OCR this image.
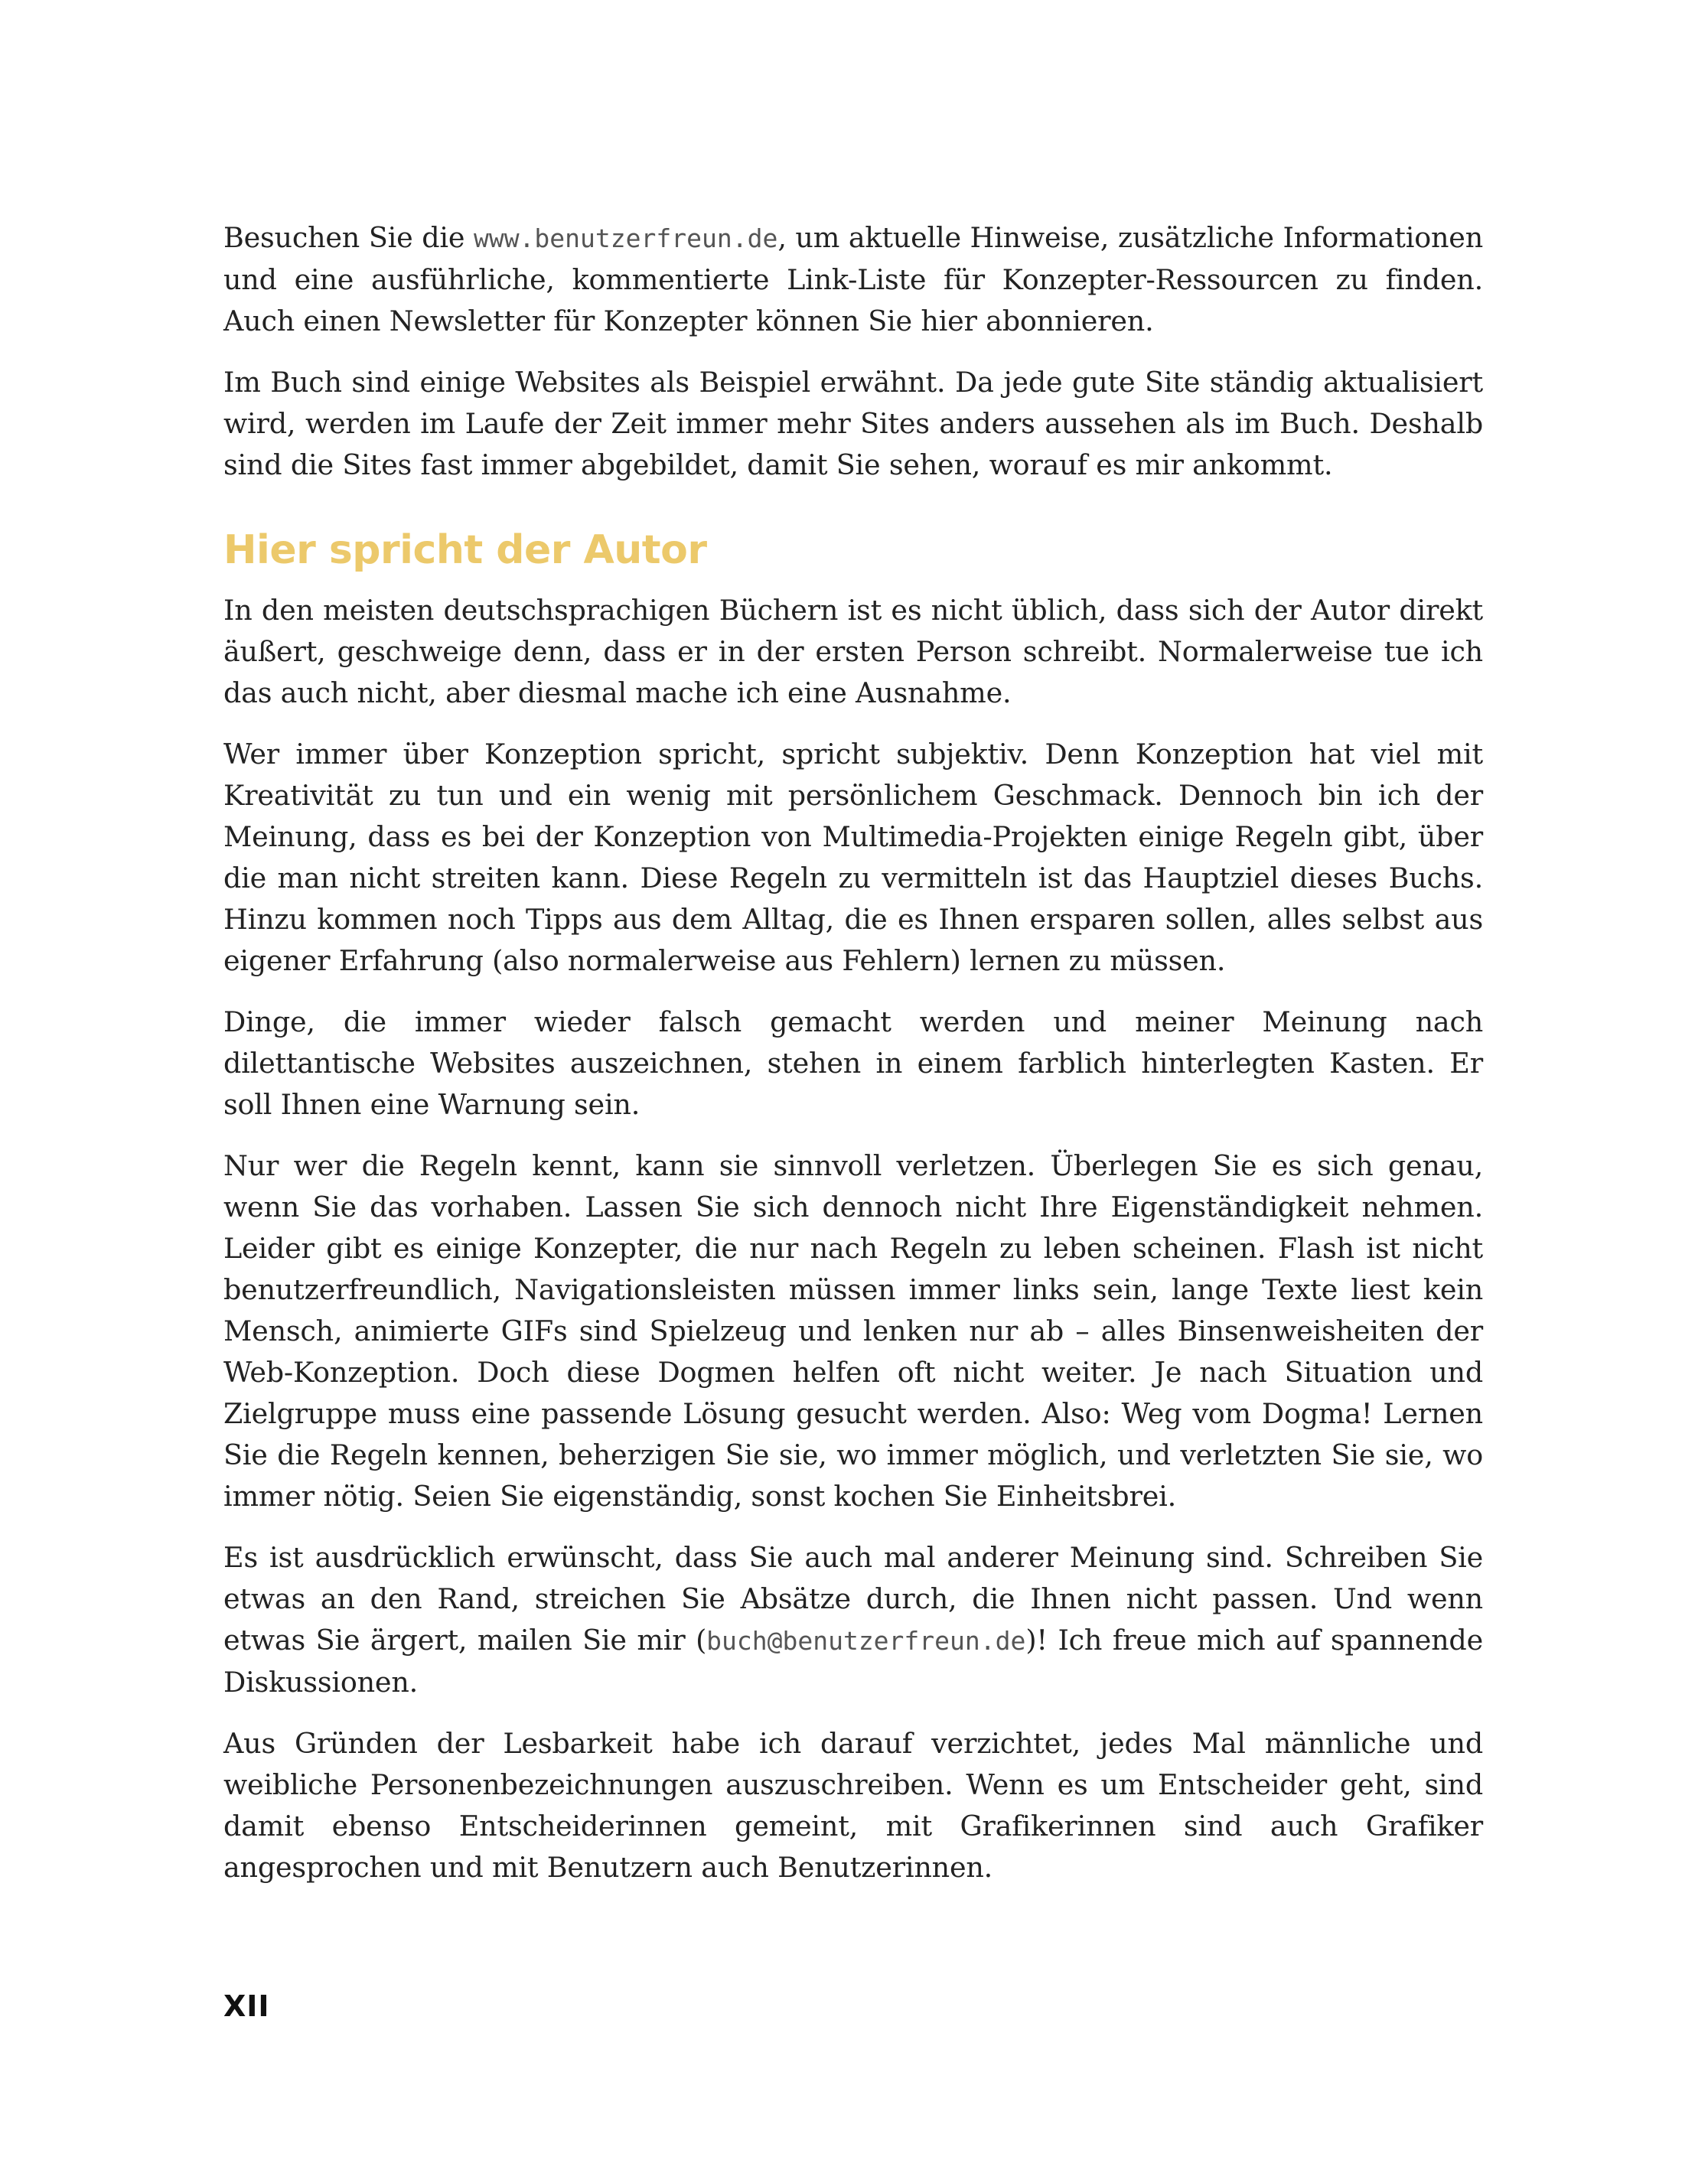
Besuchen Sie die www.benutzerfreun.de, um aktuelle Hinweise, zusätzliche Informationen und eine ausführliche, kommentierte Link-Liste für Konzepter-Ressourcen zu finden. Auch einen Newsletter für Konzepter können Sie hier abonnieren.

Im Buch sind einige Websites als Beispiel erwähnt. Da jede gute Site ständig aktualisiert wird, werden im Laufe der Zeit immer mehr Sites anders aussehen als im Buch. Deshalb sind die Sites fast immer abgebildet, damit Sie sehen, worauf es mir ankommt.

Hier spricht der Autor

In den meisten deutschsprachigen Büchern ist es nicht üblich, dass sich der Autor direkt äußert, geschweige denn, dass er in der ersten Person schreibt. Normalerweise tue ich das auch nicht, aber diesmal mache ich eine Ausnahme.

Wer immer über Konzeption spricht, spricht subjektiv. Denn Konzeption hat viel mit Kreativität zu tun und ein wenig mit persönlichem Geschmack. Dennoch bin ich der Meinung, dass es bei der Konzeption von Multimedia-Projekten einige Regeln gibt, über die man nicht streiten kann. Diese Regeln zu vermitteln ist das Hauptziel dieses Buchs. Hinzu kommen noch Tipps aus dem Alltag, die es Ihnen ersparen sollen, alles selbst aus eigener Erfahrung (also normalerweise aus Fehlern) lernen zu müssen.

Dinge, die immer wieder falsch gemacht werden und meiner Meinung nach dilettantische Websites auszeichnen, stehen in einem farblich hinterlegten Kasten. Er soll Ihnen eine Warnung sein.

Nur wer die Regeln kennt, kann sie sinnvoll verletzen. Überlegen Sie es sich genau, wenn Sie das vorhaben. Lassen Sie sich dennoch nicht Ihre Eigenständigkeit nehmen. Leider gibt es einige Konzepter, die nur nach Regeln zu leben scheinen. Flash ist nicht benutzerfreundlich, Navigationsleisten müssen immer links sein, lange Texte liest kein Mensch, animierte GIFs sind Spielzeug und lenken nur ab – alles Binsenweisheiten der Web-Konzeption. Doch diese Dogmen helfen oft nicht weiter. Je nach Situation und Zielgruppe muss eine passende Lösung gesucht werden. Also: Weg vom Dogma! Lernen Sie die Regeln kennen, beherzigen Sie sie, wo immer möglich, und verletzten Sie sie, wo immer nötig. Seien Sie eigenständig, sonst kochen Sie Einheitsbrei.

Es ist ausdrücklich erwünscht, dass Sie auch mal anderer Meinung sind. Schreiben Sie etwas an den Rand, streichen Sie Absätze durch, die Ihnen nicht passen. Und wenn etwas Sie ärgert, mailen Sie mir (buch@benutzerfreun.de)! Ich freue mich auf spannende Diskussionen.

Aus Gründen der Lesbarkeit habe ich darauf verzichtet, jedes Mal männliche und weibliche Personenbezeichnungen auszuschreiben. Wenn es um Entscheider geht, sind damit ebenso Entscheiderinnen gemeint, mit Grafikerinnen sind auch Grafiker angesprochen und mit Benutzern auch Benutzerinnen.

XII
